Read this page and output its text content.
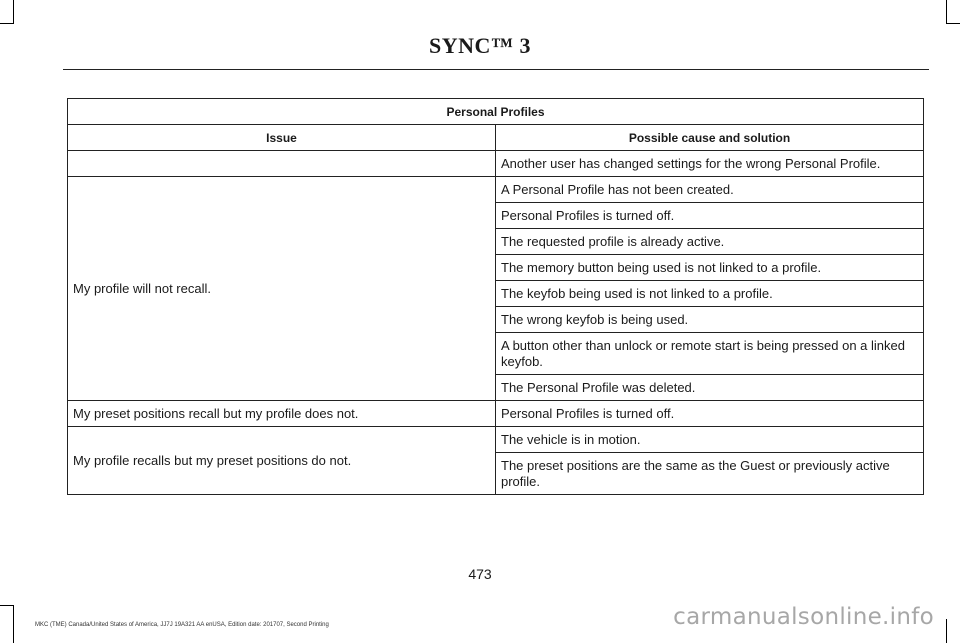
SYNC™ 3
Personal Profiles	
Issue	Possible cause and solution
	Another user has changed settings for the wrong Personal Profile.
My profile will not recall.	A Personal Profile has not been created.
	Personal Profiles is turned off.
	The requested profile is already active.
	The memory button being used is not linked to a profile.
	The keyfob being used is not linked to a profile.
	The wrong keyfob is being used.
	A button other than unlock or remote start is being pressed on a linked keyfob.
	The Personal Profile was deleted.
My preset positions recall but my profile does not.	Personal Profiles is turned off.
My profile recalls but my preset positions do not.	The vehicle is in motion.
	The preset positions are the same as the Guest or previously active profile.
473
MKC (TME) Canada/United States of America, JJ7J 19A321 AA enUSA, Edition date: 201707, Second Printing	carmanualsonline.info
